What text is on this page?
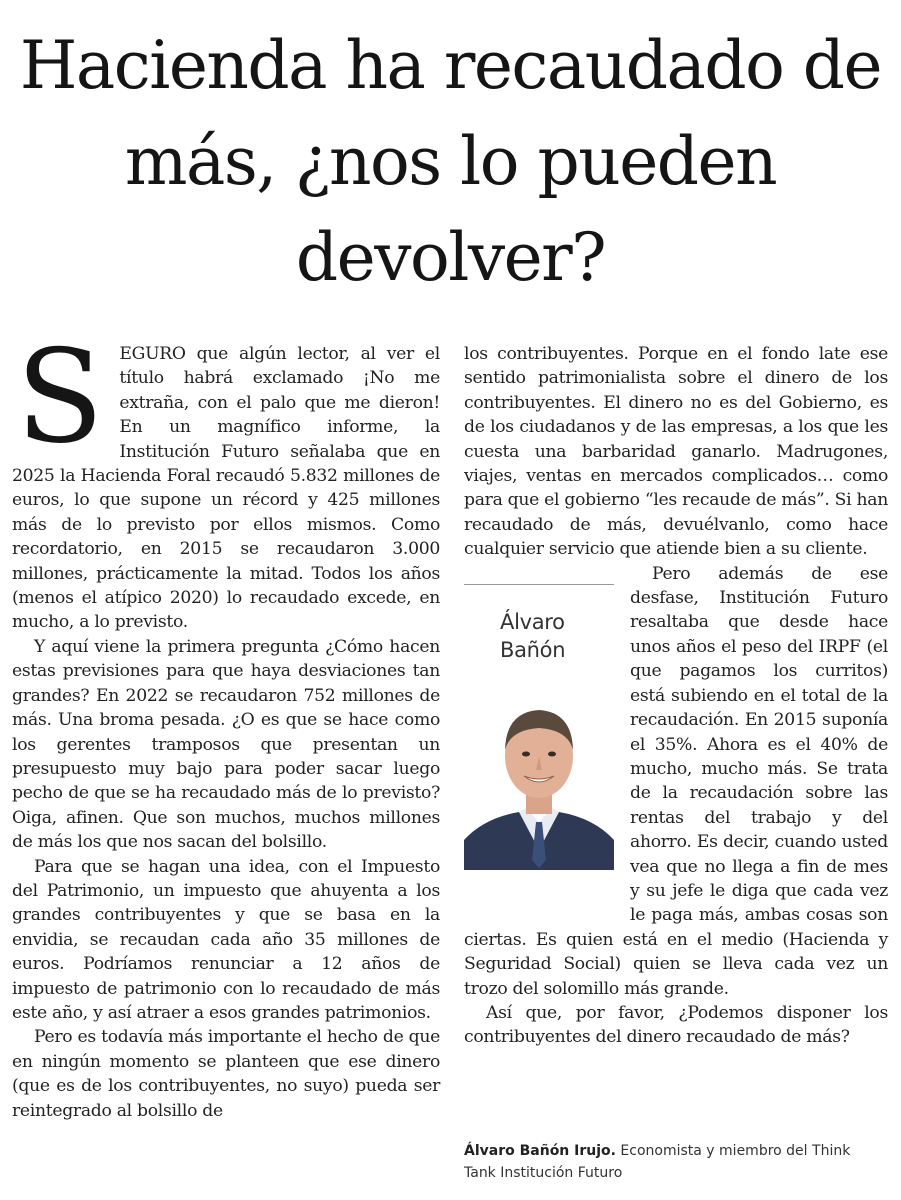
Hacienda ha recaudado de más, ¿nos lo pueden devolver?
S EGURO que algún lector, al ver el título habrá exclamado ¡No me extraña, con el palo que me dieron! En un magnífico informe, la Institución Futuro señalaba que en 2025 la Hacienda Foral recaudó 5.832 millones de euros, lo que supone un récord y 425 millones más de lo previsto por ellos mismos. Como recordatorio, en 2015 se recaudaron 3.000 millones, prácticamente la mitad. Todos los años (menos el atípico 2020) lo recaudado excede, en mucho, a lo previsto.

Y aquí viene la primera pregunta ¿Cómo hacen estas previsiones para que haya desviaciones tan grandes? En 2022 se recaudaron 752 millones de más. Una broma pesada. ¿O es que se hace como los gerentes tramposos que presentan un presupuesto muy bajo para poder sacar luego pecho de que se ha recaudado más de lo previsto? Oiga, afinen. Que son muchos, muchos millones de más los que nos sacan del bolsillo.

Para que se hagan una idea, con el Impuesto del Patrimonio, un impuesto que ahuyenta a los grandes contribuyentes y que se basa en la envidia, se recaudan cada año 35 millones de euros. Podríamos renunciar a 12 años de impuesto de patrimonio con lo recaudado de más este año, y así atraer a esos grandes patrimonios.

Pero es todavía más importante el hecho de que en ningún momento se planteen que ese dinero (que es de los contribuyentes, no suyo) pueda ser reintegrado al bolsillo de

los contribuyentes. Porque en el fondo late ese sentido patrimonialista sobre el dinero de los contribuyentes. El dinero no es del Gobierno, es de los ciudadanos y de las empresas, a los que les cuesta una barbaridad ganarlo. Madrugones, viajes, ventas en mercados complicados… como para que el gobierno “les recaude de más”. Si han recaudado de más, devuélvanlo, como hace cualquier servicio que atiende bien a su cliente.

Álvaro
Bañón

Pero además de ese desfase, Institución Futuro resaltaba que desde hace unos años el peso del IRPF (el que pagamos los curritos) está subiendo en el total de la recaudación. En 2015 suponía el 35%. Ahora es el 40% de mucho, mucho más. Se trata de la recaudación sobre las rentas del trabajo y del ahorro. Es decir, cuando usted vea que no llega a fin de mes y su jefe le diga que cada vez le paga más, ambas cosas son ciertas. Es quien está en el medio (Hacienda y Seguridad Social) quien se lleva cada vez un trozo del solomillo más grande.

Así que, por favor, ¿Podemos disponer los contribuyentes del dinero recaudado de más?

Álvaro Bañón Irujo. Economista y miembro del Think Tank Institución Futuro
